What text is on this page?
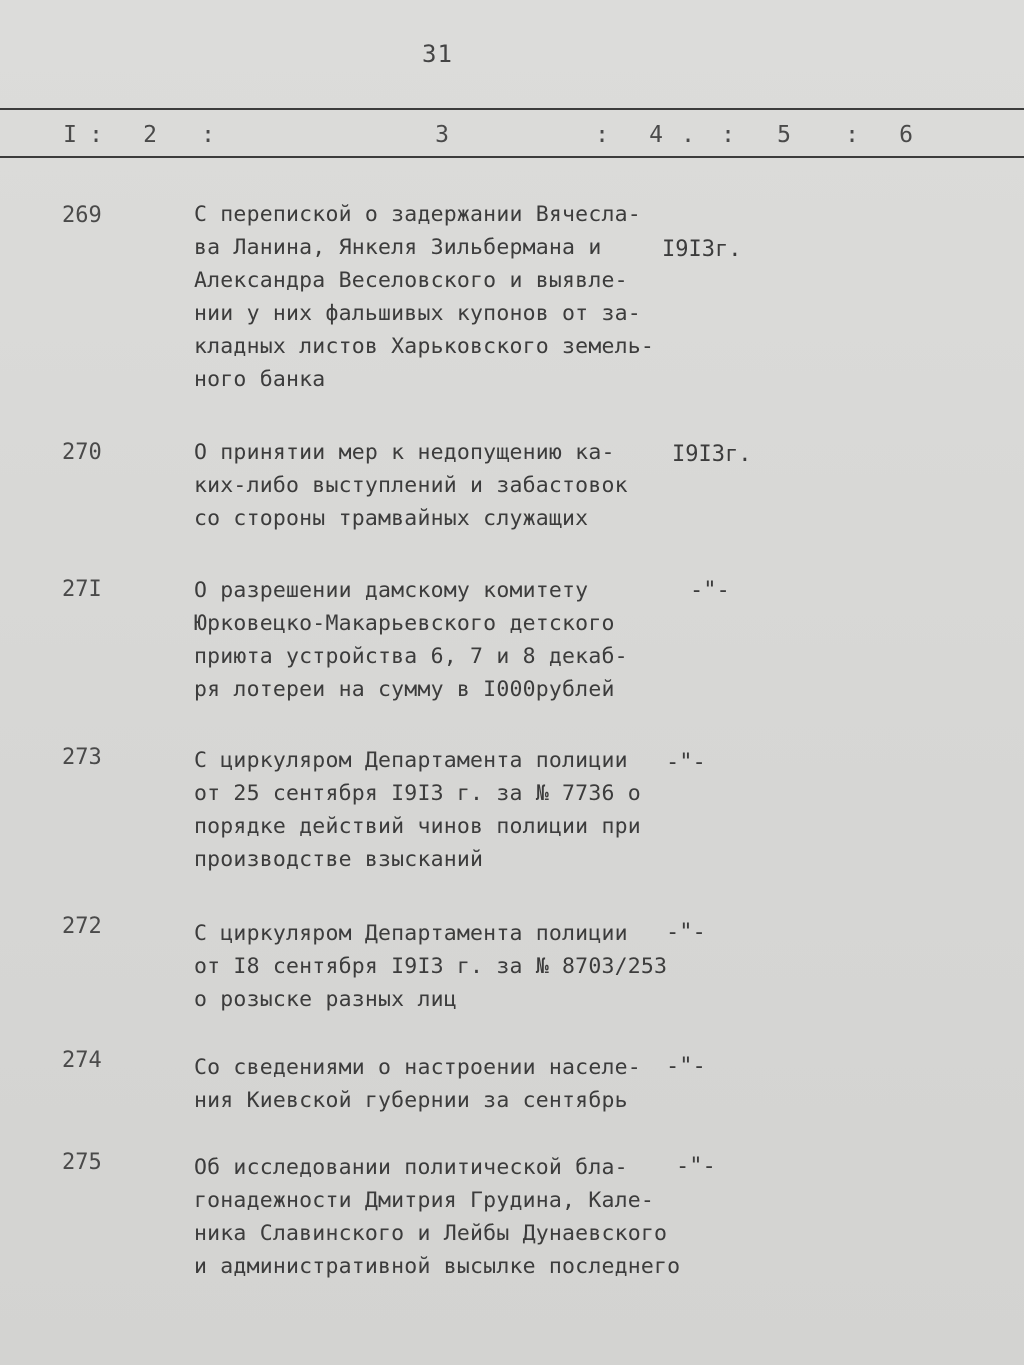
31
I :	2	:	3	:	4 .	:	5	:	6
269	С перепиской о задержании Вячесла-
ва Ланина, Янкеля Зильбермана и
Александра Веселовского и выявле-
нии у них фальшивых купонов от за-
кладных листов Харьковского земель-
ного банка
I9I3г.
270	О принятии мер к недопущению ка-
ких-либо выступлений и забастовок
со стороны трамвайных служащих
I9I3г.
27I	О разрешении дамскому комитету
Юрковецко-Макарьевского детского
приюта устройства 6, 7 и 8 декаб-
ря лотереи на сумму в I000рублей
-"-
273	С циркуляром Департамента полиции
от 25 сентября I9I3 г. за № 7736 о
порядке действий чинов полиции при
производстве взысканий
-"-
272	С циркуляром Департамента полиции
от I8 сентября I9I3 г. за № 8703/253
о розыске разных лиц
-"-
274	Со сведениями о настроении населе-
ния Киевской губернии за сентябрь
-"-
275	Об исследовании политической бла-
гонадежности Дмитрия Грудина, Кале-
ника Славинского и Лейбы Дунаевского
и административной высылке последнего
-"-
